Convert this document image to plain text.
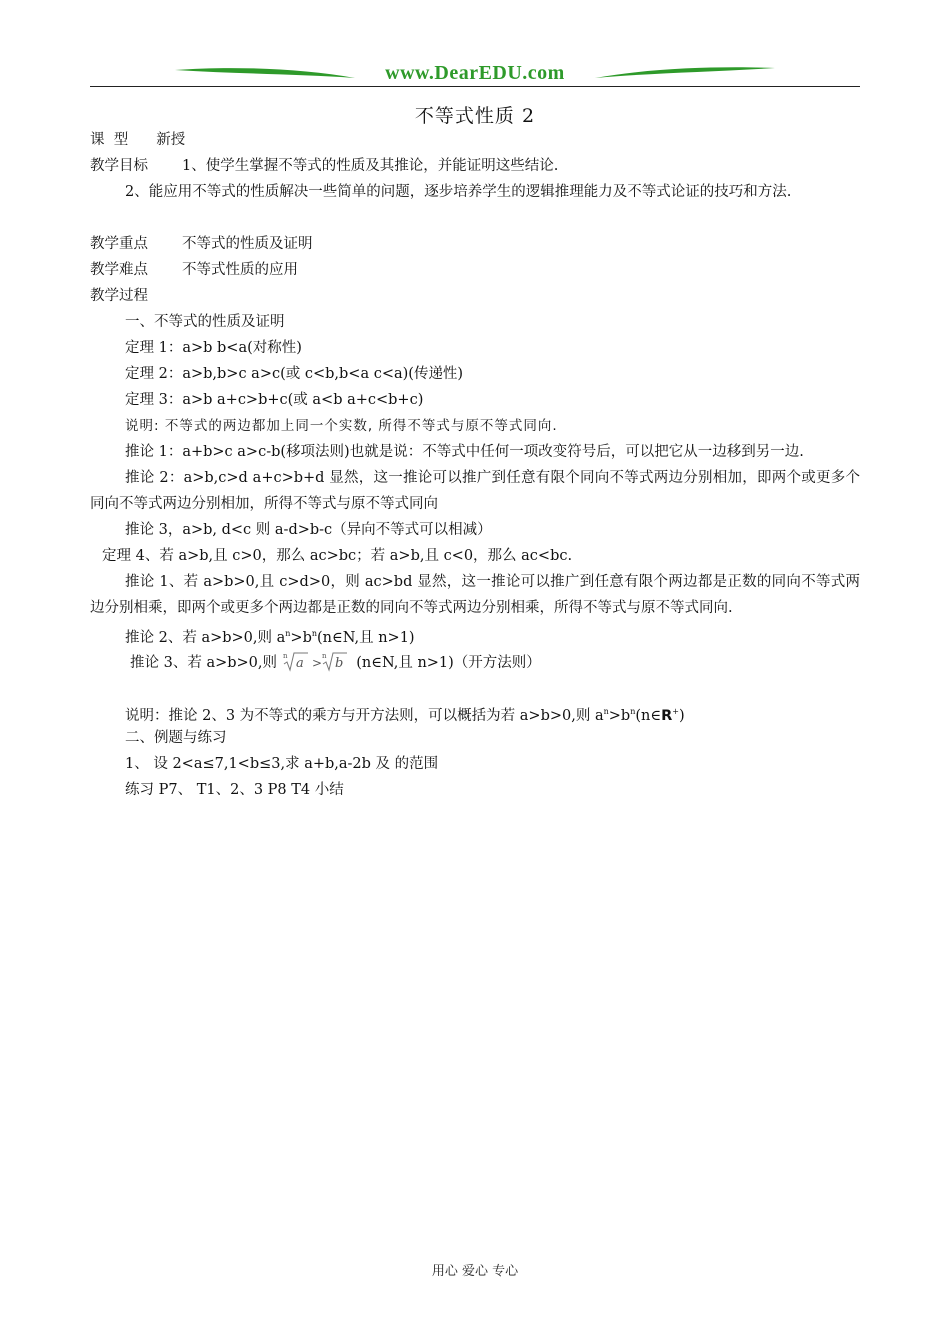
www.DearEDU.com
不等式性质 2
课  型 新授
教学目标 1、使学生掌握不等式的性质及其推论，并能证明这些结论.
2、能应用不等式的性质解决一些简单的问题，逐步培养学生的逻辑推理能力及不等式论证的技巧和方法.
教学重点 不等式的性质及证明
教学难点 不等式性质的应用
教学过程
一、不等式的性质及证明
定理 1：a>b b<a(对称性)
定理 2：a>b,b>c a>c(或 c<b,b<a c<a)(传递性)
定理 3：a>b a+c>b+c(或 a<b a+c<b+c)
说明: 不等式的两边都加上同一个实数, 所得不等式与原不等式同向.
推论 1：a+b>c a>c-b(移项法则)也就是说：不等式中任何一项改变符号后，可以把它从一边移到另一边.
推论 2：a>b,c>d a+c>b+d 显然，这一推论可以推广到任意有限个同向不等式两边分别相加，即两个或更多个同向不等式两边分别相加，所得不等式与原不等式同向
推论 3，a>b, d<c 则 a-d>b-c（异向不等式可以相减）
定理 4、若 a>b,且 c>0，那么 ac>bc；若 a>b,且 c<0，那么 ac<bc.
推论 1、若 a>b>0,且 c>d>0，则 ac>bd 显然，这一推论可以推广到任意有限个两边都是正数的同向不等式两边分别相乘，即两个或更多个两边都是正数的同向不等式两边分别相乘，所得不等式与原不等式同向.
推论 2、若 a>b>0,则 $a^n>b^n(n\in N$,且 n>1)
推论 3、若 a>b>0,则 n a > n b (n∈N,且 n>1)（开方法则）
说明：推论 2、3 为不等式的乘方与开方法则，可以概括为若 a>b>0,则 $a^n>b^n(n\in R^+)$
二、例题与练习
1、 设 2<a≤7,1<b≤3,求 a+b,a-2b 及 的范围
练习 P7、 T1、2、3 P8 T4 小结
用心 爱心 专心
